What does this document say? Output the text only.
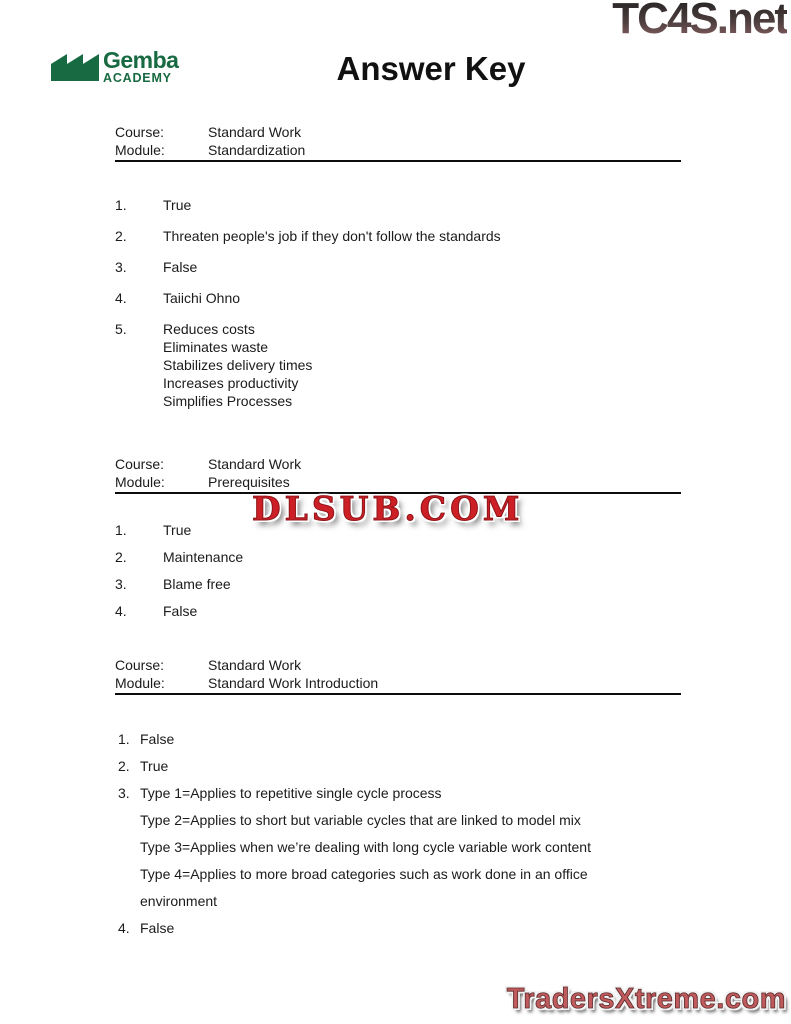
TC4S.net
Gemba
ACADEMY	Answer Key
Course:	Standard Work
Module:	Standardization
1.	True
2.	Threaten people's job if they don't follow the standards
3.	False
4.	Taiichi Ohno
5.	Reduces costs
Eliminates waste
Stabilizes delivery times
Increases productivity
Simplifies Processes
Course:	Standard Work
Module:	Prerequisites
1.	True
2.	Maintenance
3.	Blame free
4.	False
Course:	Standard Work
Module:	Standard Work Introduction
1. False
2. True
3. Type 1=Applies to repetitive single cycle process
Type 2=Applies to short but variable cycles that are linked to model mix
Type 3=Applies when we’re dealing with long cycle variable work content
Type 4=Applies to more broad categories such as work done in an office
environment
4. False
DLSUB.COM
TradersXtreme.com
